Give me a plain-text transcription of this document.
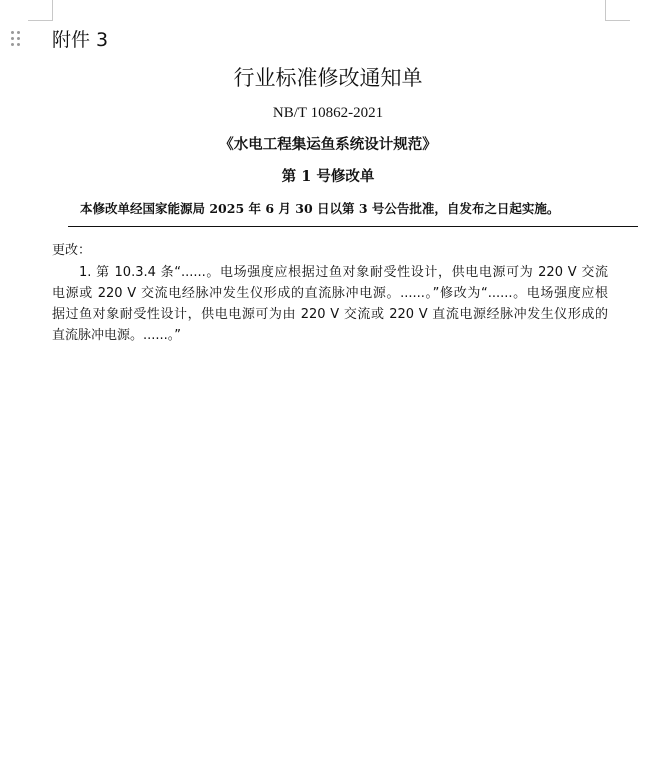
附件 3
行业标准修改通知单
NB/T 10862-2021
《水电工程集运鱼系统设计规范》
第 1 号修改单
本修改单经国家能源局 2025 年 6 月 30 日以第 3 号公告批准，自发布之日起实施。
更改：
1. 第 10.3.4 条“......。电场强度应根据过鱼对象耐受性设计，供电电源可为 220 V 交流
电源或 220 V 交流电经脉冲发生仪形成的直流脉冲电源。......。”修改为“......。电场强度应根
据过鱼对象耐受性设计，供电电源可为由 220 V 交流或 220 V 直流电源经脉冲发生仪形成的
直流脉冲电源。......。”
